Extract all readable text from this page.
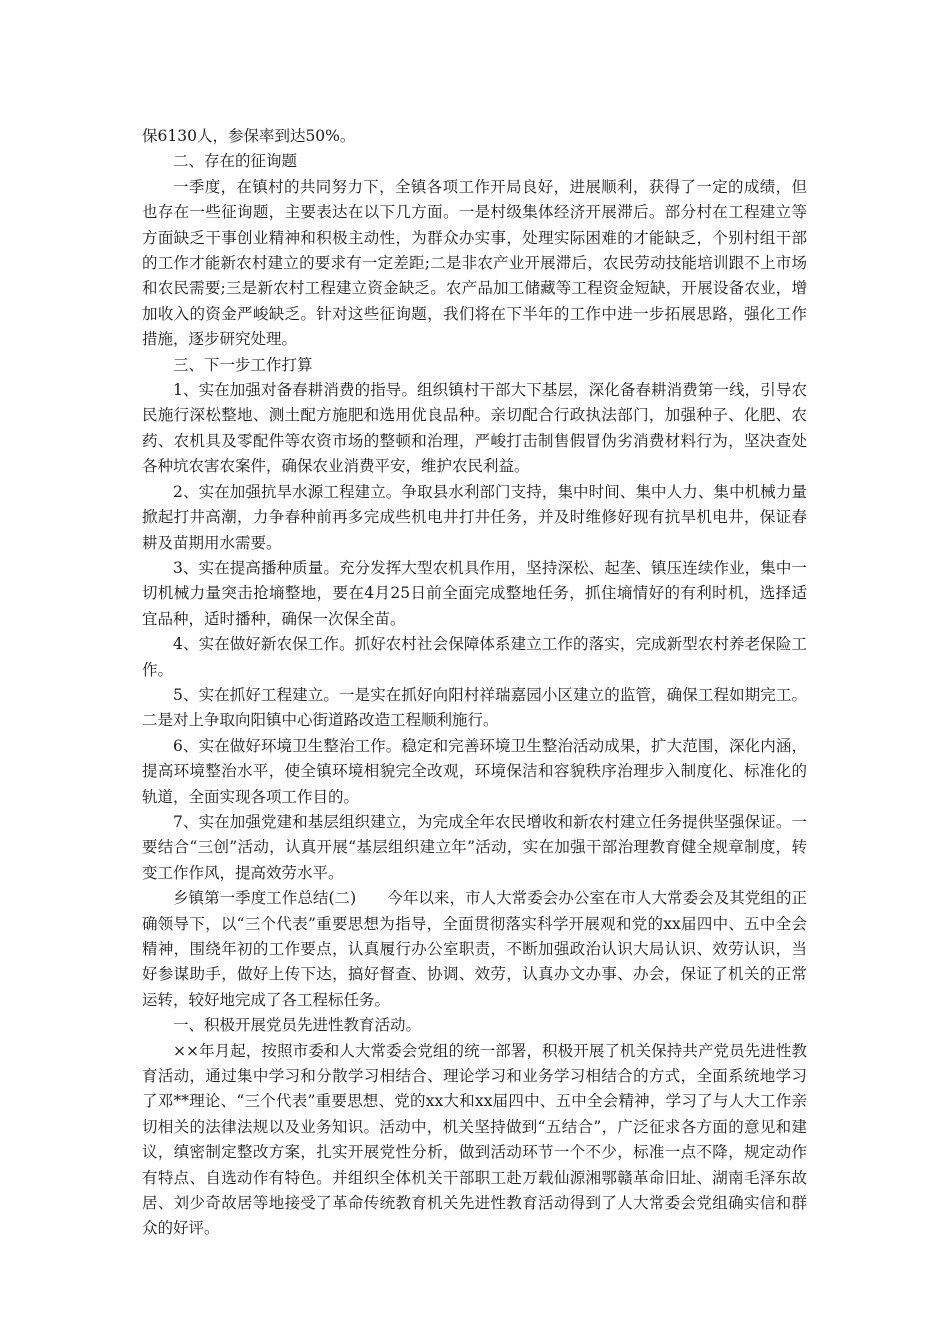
保6130人，参保率到达50%。

二、存在的征询题

一季度，在镇村的共同努力下，全镇各项工作开局良好，进展顺利，获得了一定的成绩，但也存在一些征询题，主要表达在以下几方面。一是村级集体经济开展滞后。部分村在工程建立等方面缺乏干事创业精神和积极主动性，为群众办实事，处理实际困难的才能缺乏，个别村组干部的工作才能新农村建立的要求有一定差距;二是非农产业开展滞后，农民劳动技能培训跟不上市场和农民需要;三是新农村工程建立资金缺乏。农产品加工储藏等工程资金短缺，开展设备农业，增加收入的资金严峻缺乏。针对这些征询题，我们将在下半年的工作中进一步拓展思路，强化工作措施，逐步研究处理。

三、下一步工作打算

1、实在加强对备春耕消费的指导。组织镇村干部大下基层，深化备春耕消费第一线，引导农民施行深松整地、测土配方施肥和选用优良品种。亲切配合行政执法部门，加强种子、化肥、农药、农机具及零配件等农资市场的整顿和治理，严峻打击制售假冒伪劣消费材料行为，坚决查处各种坑农害农案件，确保农业消费平安，维护农民利益。

2、实在加强抗旱水源工程建立。争取县水利部门支持，集中时间、集中人力、集中机械力量掀起打井高潮，力争春种前再多完成些机电井打井任务，并及时维修好现有抗旱机电井，保证春耕及苗期用水需要。

3、实在提高播种质量。充分发挥大型农机具作用，坚持深松、起垄、镇压连续作业，集中一切机械力量突击抢墒整地，要在4月25日前全面完成整地任务，抓住墒情好的有利时机，选择适宜品种，适时播种，确保一次保全苗。

4、实在做好新农保工作。抓好农村社会保障体系建立工作的落实，完成新型农村养老保险工作。

5、实在抓好工程建立。一是实在抓好向阳村祥瑞嘉园小区建立的监管，确保工程如期完工。二是对上争取向阳镇中心街道路改造工程顺利施行。

6、实在做好环境卫生整治工作。稳定和完善环境卫生整治活动成果，扩大范围，深化内涵，提高环境整治水平，使全镇环境相貌完全改观，环境保洁和容貌秩序治理步入制度化、标准化的轨道，全面实现各项工作目的。

7、实在加强党建和基层组织建立，为完成全年农民增收和新农村建立任务提供坚强保证。一要结合“三创”活动，认真开展“基层组织建立年”活动，实在加强干部治理教育健全规章制度，转变工作作风，提高效劳水平。

乡镇第一季度工作总结(二)　　今年以来，市人大常委会办公室在市人大常委会及其党组的正确领导下，以“三个代表”重要思想为指导，全面贯彻落实科学开展观和党的xx届四中、五中全会精神，围绕年初的工作要点，认真履行办公室职责，不断加强政治认识大局认识、效劳认识，当好参谋助手，做好上传下达，搞好督查、协调、效劳，认真办文办事、办会，保证了机关的正常运转，较好地完成了各工程标任务。

一、积极开展党员先进性教育活动。

××年月起，按照市委和人大常委会党组的统一部署，积极开展了机关保持共产党员先进性教育活动，通过集中学习和分散学习相结合、理论学习和业务学习相结合的方式，全面系统地学习了邓**理论、“三个代表”重要思想、党的xx大和xx届四中、五中全会精神，学习了与人大工作亲切相关的法律法规以及业务知识。活动中，机关坚持做到“五结合”，广泛征求各方面的意见和建议，缜密制定整改方案，扎实开展党性分析，做到活动环节一个不少，标准一点不降，规定动作有特点、自选动作有特色。并组织全体机关干部职工赴万载仙源湘鄂赣革命旧址、湖南毛泽东故居、刘少奇故居等地接受了革命传统教育机关先进性教育活动得到了人大常委会党组确实信和群众的好评。
